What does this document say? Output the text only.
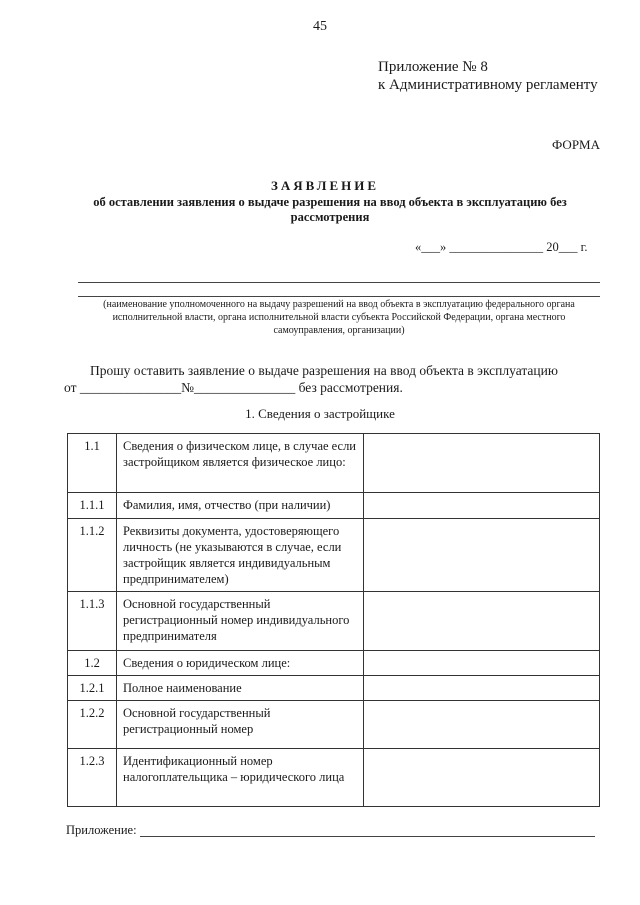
45
Приложение № 8
к Административному регламенту
ФОРМА
ЗАЯВЛЕНИЕ
об оставлении заявления о выдаче разрешения на ввод объекта в эксплуатацию без рассмотрения
«___» _______________ 20___ г.
(наименование уполномоченного на выдачу разрешений на ввод объекта в эксплуатацию федерального органа исполнительной власти, органа исполнительной власти субъекта Российской Федерации, органа местного самоуправления, организации)
Прошу оставить заявление о выдаче разрешения на ввод объекта в эксплуатацию
от _______________№_______________ без рассмотрения.
1. Сведения о застройщике
1.1	Сведения о физическом лице, в случае если застройщиком является физическое лицо:	
1.1.1	Фамилия, имя, отчество (при наличии)	
1.1.2	Реквизиты документа, удостоверяющего личность (не указываются в случае, если застройщик является индивидуальным предпринимателем)	
1.1.3	Основной государственный регистрационный номер индивидуального предпринимателя	
1.2	Сведения о юридическом лице:	
1.2.1	Полное наименование	
1.2.2	Основной государственный регистрационный номер	
1.2.3	Идентификационный номер налогоплательщика – юридического лица	
Приложение:
